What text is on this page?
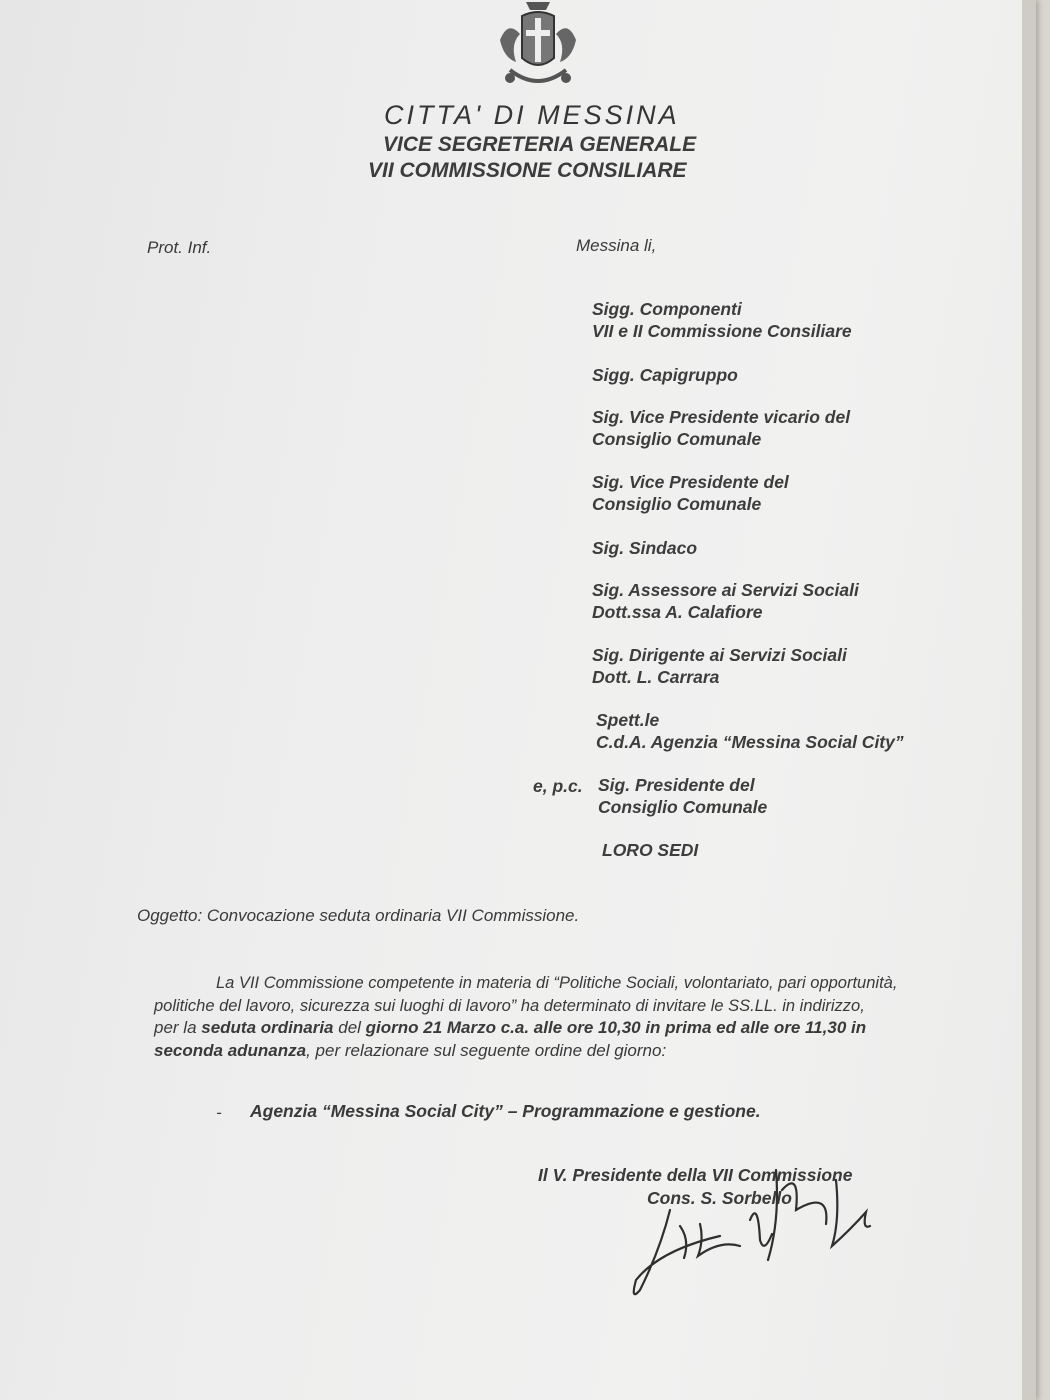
CITTA' DI MESSINA
VICE SEGRETERIA GENERALE
VII COMMISSIONE CONSILIARE
Prot. Inf.	Messina li,
Sigg. Componenti
VII e II Commissione Consiliare
Sigg. Capigruppo
Sig. Vice Presidente vicario del
Consiglio Comunale
Sig. Vice Presidente del
Consiglio Comunale
Sig. Sindaco
Sig. Assessore ai Servizi Sociali
Dott.ssa A. Calafiore
Sig. Dirigente ai Servizi Sociali
Dott. L. Carrara
Spett.le
C.d.A. Agenzia “Messina Social City”
e, p.c. Sig. Presidente del
Consiglio Comunale
LORO SEDI
Oggetto: Convocazione seduta ordinaria VII Commissione.
La VII Commissione competente in materia di “Politiche Sociali, volontariato, pari opportunità,
politiche del lavoro, sicurezza sui luoghi di lavoro” ha determinato di invitare le SS.LL. in indirizzo,
per la seduta ordinaria del giorno 21 Marzo c.a. alle ore 10,30 in prima ed alle ore 11,30 in
seconda adunanza, per relazionare sul seguente ordine del giorno:
- Agenzia “Messina Social City” – Programmazione e gestione.
Il V. Presidente della VII Commissione
Cons. S. Sorbello
